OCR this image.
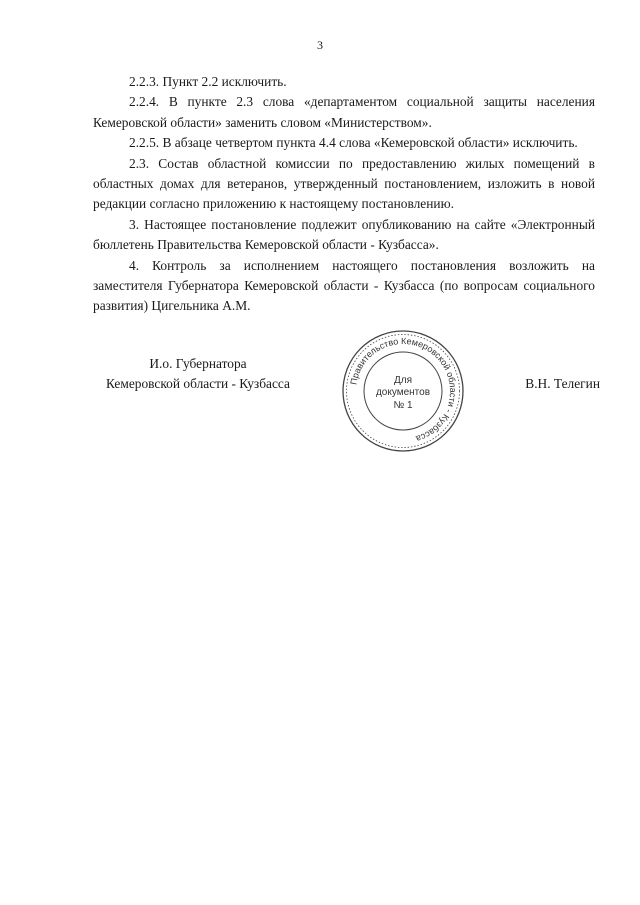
3

2.2.3. Пункт 2.2 исключить.

2.2.4. В пункте 2.3 слова «департаментом социальной защиты населения Кемеровской области» заменить словом «Министерством».

2.2.5. В абзаце четвертом пункта 4.4 слова «Кемеровской области» исключить.

2.3. Состав областной комиссии по предоставлению жилых помещений в областных домах для ветеранов, утвержденный постановлением, изложить в новой редакции согласно приложению к настоящему постановлению.

3. Настоящее постановление подлежит опубликованию на сайте «Электронный бюллетень Правительства Кемеровской области - Кузбасса».

4. Контроль за исполнением настоящего постановления возложить на заместителя Губернатора Кемеровской области - Кузбасса (по вопросам социального развития) Цигельника А.М.

И.о. Губернатора
Кемеровской области - Кузбасса	В.Н. Телегин
Правительство Кемеровской области - Кузбасса
Для
документов
№ 1
